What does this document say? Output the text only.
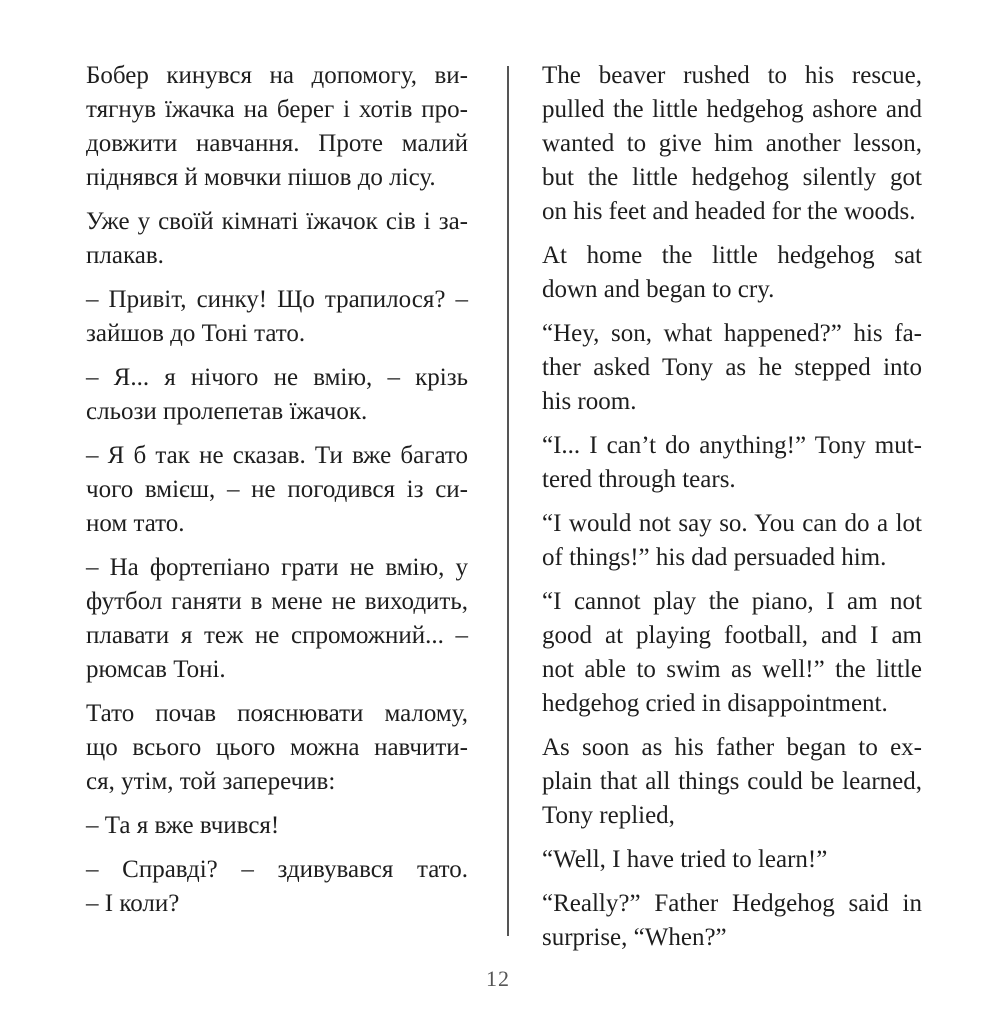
Бобер кинувся на допомогу, ви-
тягнув їжачка на берег і хотів про-
довжити навчання. Проте малий
піднявся й мовчки пішов до лісу.
Уже у своїй кімнаті їжачок сів і за-
плакав.
– Привіт, синку! Що трапилося? –
зайшов до Тоні тато.
– Я... я нічого не вмію, – крізь
сльози пролепетав їжачок.
– Я б так не сказав. Ти вже багато
чого вмієш, – не погодився із си-
ном тато.
– На фортепіано грати не вмію, у
футбол ганяти в мене не виходить,
плавати я теж не спроможний... –
рюмсав Тоні.
Тато почав пояснювати малому,
що всього цього можна навчити-
ся, утім, той заперечив:
– Та я вже вчився!
– Справді? – здивувався тато.
– І коли?
The beaver rushed to his rescue,
pulled the little hedgehog ashore and
wanted to give him another lesson,
but the little hedgehog silently got
on his feet and headed for the woods.
At home the little hedgehog sat
down and began to cry.
“Hey, son, what happened?” his fa-
ther asked Tony as he stepped into
his room.
“I... I can’t do anything!” Tony mut-
tered through tears.
“I would not say so. You can do a lot
of things!” his dad persuaded him.
“I cannot play the piano, I am not
good at playing football, and I am
not able to swim as well!” the little
hedgehog cried in disappointment.
As soon as his father began to ex-
plain that all things could be learned,
Tony replied,
“Well, I have tried to learn!”
“Really?” Father Hedgehog said in
surprise, “When?”
12
